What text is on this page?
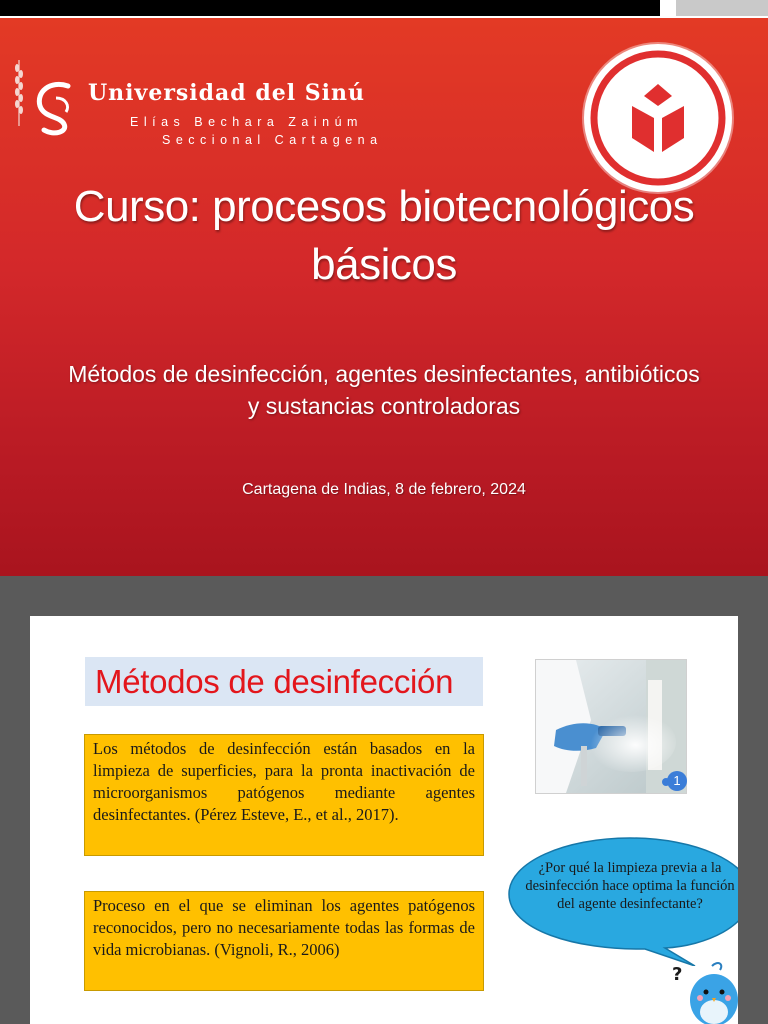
Universidad del Sinú
Elías Bechara Zainúm
Seccional Cartagena
Curso: procesos biotecnológicos básicos
Métodos de desinfección, agentes desinfectantes, antibióticos y sustancias controladoras
Cartagena de Indias, 8 de febrero, 2024
Métodos de desinfección
Los métodos de desinfección están basados en la limpieza de superficies, para la pronta inactivación de microorganismos patógenos mediante agentes desinfectantes. (Pérez Esteve, E., et al., 2017).
Proceso en el que se eliminan los agentes patógenos reconocidos, pero no necesariamente todas las formas de vida microbianas. (Vignoli, R., 2006)
1
¿Por qué la limpieza previa a la desinfección hace optima la función del agente desinfectante?
?
